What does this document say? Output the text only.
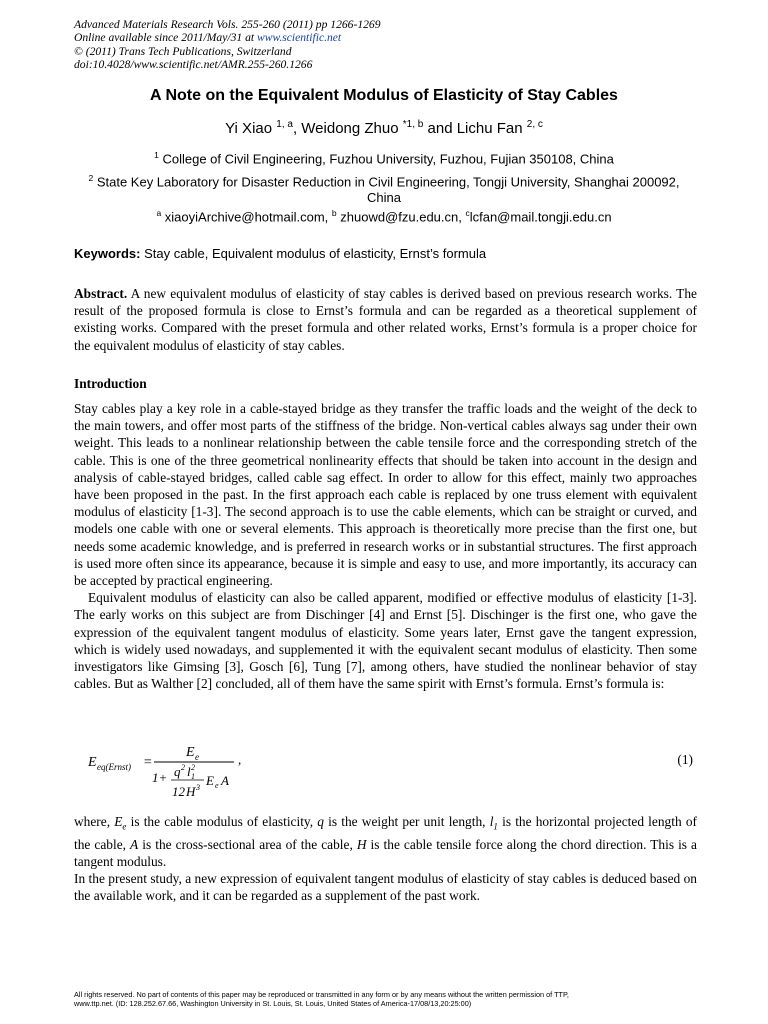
Advanced Materials Research Vols. 255-260 (2011) pp 1266-1269
Online available since 2011/May/31 at www.scientific.net
© (2011) Trans Tech Publications, Switzerland
doi:10.4028/www.scientific.net/AMR.255-260.1266
A Note on the Equivalent Modulus of Elasticity of Stay Cables
Yi Xiao $^{1, a}$, Weidong Zhuo $^{*1, b}$ and Lichu Fan $^{2, c}$
$^1$ College of Civil Engineering, Fuzhou University, Fuzhou, Fujian 350108, China
$^2$ State Key Laboratory for Disaster Reduction in Civil Engineering, Tongji University, Shanghai 200092, China
$^a$ xiaoyiArchive@hotmail.com, $^b$ zhuowd@fzu.edu.cn, $^c$lcfan@mail.tongji.edu.cn
Keywords: Stay cable, Equivalent modulus of elasticity, Ernst’s formula

Abstract. A new equivalent modulus of elasticity of stay cables is derived based on previous research works. The result of the proposed formula is close to Ernst’s formula and can be regarded as a theoretical supplement of existing works. Compared with the preset formula and other related works, Ernst’s formula is a proper choice for the equivalent modulus of elasticity of stay cables.

Introduction

Stay cables play a key role in a cable-stayed bridge as they transfer the traffic loads and the weight of the deck to the main towers, and offer most parts of the stiffness of the bridge. Non-vertical cables always sag under their own weight. This leads to a nonlinear relationship between the cable tensile force and the corresponding stretch of the cable. This is one of the three geometrical nonlinearity effects that should be taken into account in the design and analysis of cable-stayed bridges, called cable sag effect. In order to allow for this effect, mainly two approaches have been proposed in the past. In the first approach each cable is replaced by one truss element with equivalent modulus of elasticity [1-3]. The second approach is to use the cable elements, which can be straight or curved, and models one cable with one or several elements. This approach is theoretically more precise than the first one, but needs some academic knowledge, and is preferred in research works or in substantial structures. The first approach is used more often since its appearance, because it is simple and easy to use, and more importantly, its accuracy can be accepted by practical engineering.

Equivalent modulus of elasticity can also be called apparent, modified or effective modulus of elasticity [1-3]. The early works on this subject are from Dischinger [4] and Ernst [5]. Dischinger is the first one, who gave the expression of the equivalent tangent modulus of elasticity. Some years later, Ernst gave the tangent expression, which is widely used nowadays, and supplemented it with the equivalent secant modulus of elasticity. Then some investigators like Gimsing [3], Gosch [6], Tung [7], among others, have studied the nonlinear behavior of stay cables. But as Walther [2] concluded, all of them have the same spirit with Ernst’s formula. Ernst’s formula is:

E eq(Ernst) =
E e
1+ q 2 l 2
1
12 H 3 E e A
,	(1)

where, $E_e$ is the cable modulus of elasticity, q is the weight per unit length, $l_1$ is the horizontal projected length of the cable, A is the cross-sectional area of the cable, H is the cable tensile force along the chord direction. This is a tangent modulus.

In the present study, a new expression of equivalent tangent modulus of elasticity of stay cables is deduced based on the available work, and it can be regarded as a supplement of the past work.

All rights reserved. No part of contents of this paper may be reproduced or transmitted in any form or by any means without the written permission of TTP,
www.ttp.net. (ID: 128.252.67.66, Washington University in St. Louis, St. Louis, United States of America-17/08/13,20:25:00)
